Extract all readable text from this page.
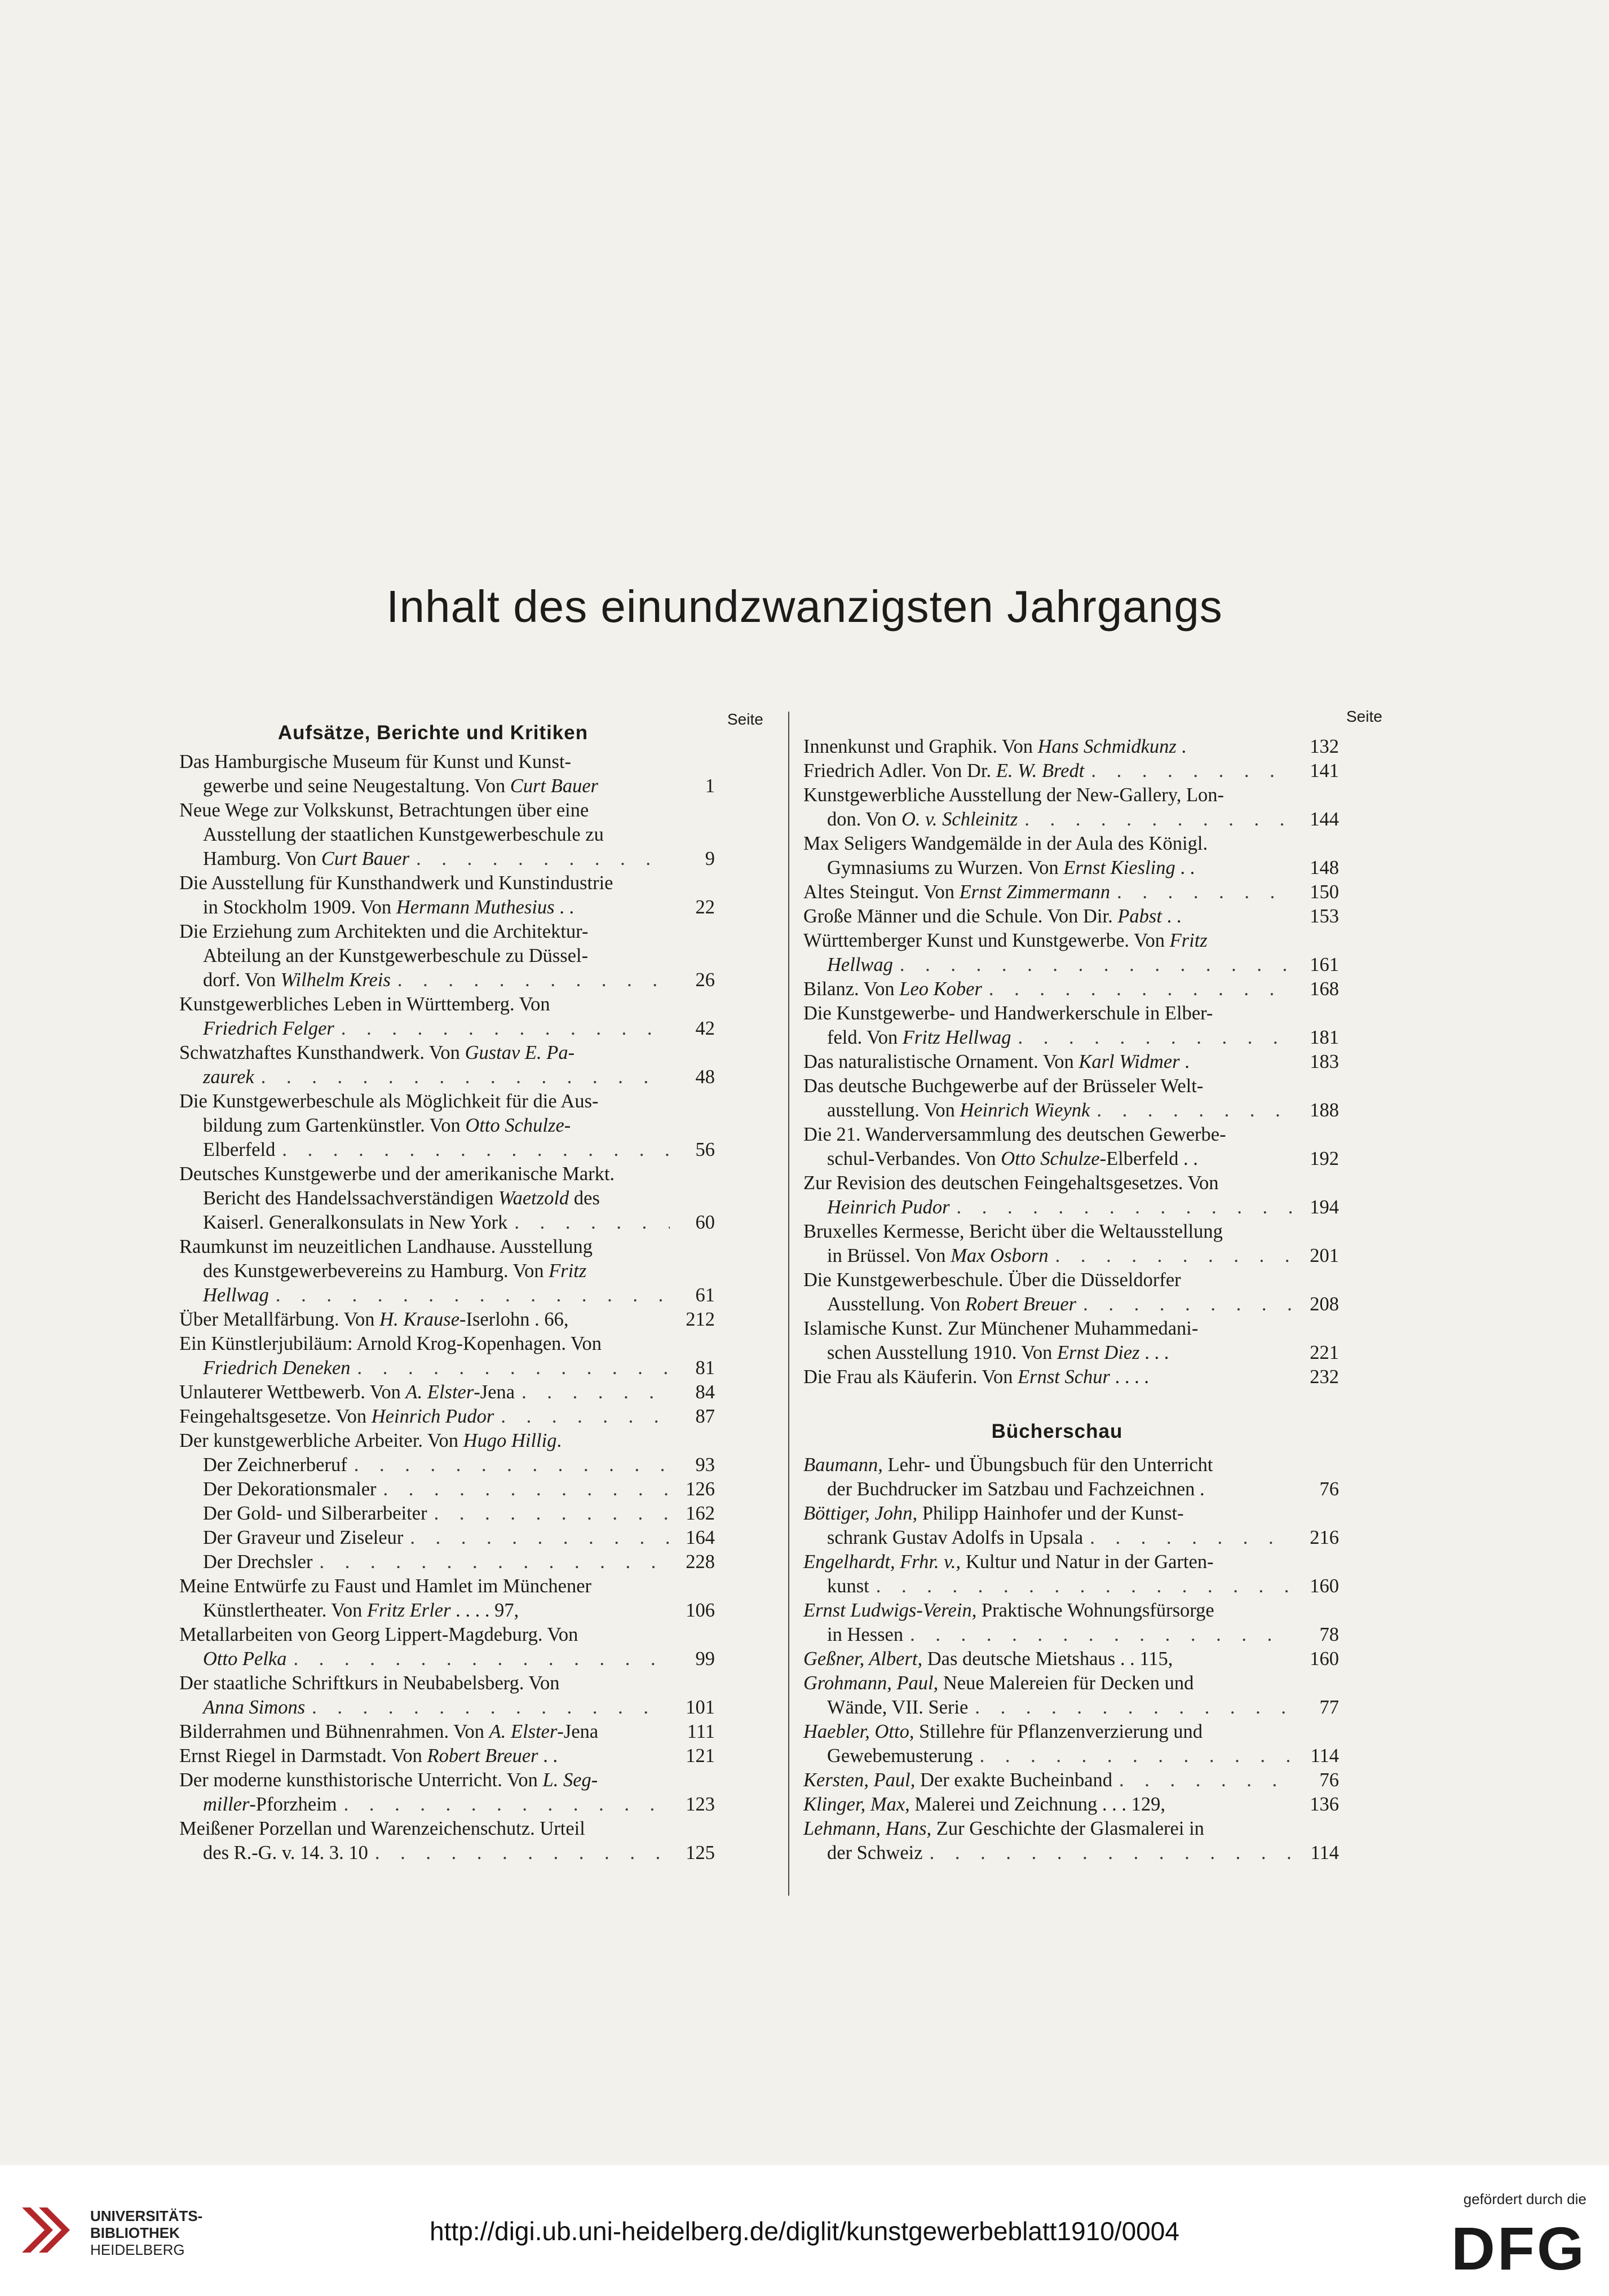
Inhalt des einundzwanzigsten Jahrgangs
Seite	Seite
Aufsätze, Berichte und Kritiken
Das Hamburgische Museum für Kunst und Kunst-
gewerbe und seine Neugestaltung. Von Curt Bauer	1
Neue Wege zur Volkskunst, Betrachtungen über eine
Ausstellung der staatlichen Kunstgewerbeschule zu
Hamburg. Von Curt Bauer . . .	9
Die Ausstellung für Kunsthandwerk und Kunstindustrie
in Stockholm 1909. Von Hermann Muthesius . .	22
Die Erziehung zum Architekten und die Architektur-
Abteilung an der Kunstgewerbeschule zu Düssel-
dorf. Von Wilhelm Kreis . . .	26
Kunstgewerbliches Leben in Württemberg. Von
Friedrich Felger . . .	42
Schwatzhaftes Kunsthandwerk. Von Gustav E. Pa-
zaurek . . .	48
Die Kunstgewerbeschule als Möglichkeit für die Aus-
bildung zum Gartenkünstler. Von Otto Schulze-
Elberfeld . . .	56
Deutsches Kunstgewerbe und der amerikanische Markt.
Bericht des Handelssachverständigen Waetzold des
Kaiserl. Generalkonsulats in New York . . .	60
Raumkunst im neuzeitlichen Landhause. Ausstellung
des Kunstgewerbevereins zu Hamburg. Von Fritz
Hellwag . . .	61
Über Metallfärbung. Von H. Krause-Iserlohn . 66,	212
Ein Künstlerjubiläum: Arnold Krog-Kopenhagen. Von
Friedrich Deneken . . .	81
Unlauterer Wettbewerb. Von A. Elster-Jena . . .	84
Feingehaltsgesetze. Von Heinrich Pudor . . .	87
Der kunstgewerbliche Arbeiter. Von Hugo Hillig.
Der Zeichnerberuf . . .	93
Der Dekorationsmaler . . .	126
Der Gold- und Silberarbeiter . . .	162
Der Graveur und Ziseleur . . .	164
Der Drechsler . . .	228
Meine Entwürfe zu Faust und Hamlet im Münchener
Künstlertheater. Von Fritz Erler . . . . 97,	106
Metallarbeiten von Georg Lippert-Magdeburg. Von
Otto Pelka . . .	99
Der staatliche Schriftkurs in Neubabelsberg. Von
Anna Simons . . .	101
Bilderrahmen und Bühnenrahmen. Von A. Elster-Jena	111
Ernst Riegel in Darmstadt. Von Robert Breuer . .	121
Der moderne kunsthistorische Unterricht. Von L. Seg-
miller-Pforzheim . . .	123
Meißener Porzellan und Warenzeichenschutz. Urteil
des R.-G. v. 14. 3. 10 . . .	125
Innenkunst und Graphik. Von Hans Schmidkunz .	132
Friedrich Adler. Von Dr. E. W. Bredt . . .	141
Kunstgewerbliche Ausstellung der New-Gallery, Lon-
don. Von O. v. Schleinitz . . .	144
Max Seligers Wandgemälde in der Aula des Königl.
Gymnasiums zu Wurzen. Von Ernst Kiesling . .	148
Altes Steingut. Von Ernst Zimmermann . . .	150
Große Männer und die Schule. Von Dir. Pabst . .	153
Württemberger Kunst und Kunstgewerbe. Von Fritz
Hellwag . . .	161
Bilanz. Von Leo Kober . . .	168
Die Kunstgewerbe- und Handwerkerschule in Elber-
feld. Von Fritz Hellwag . . .	181
Das naturalistische Ornament. Von Karl Widmer .	183
Das deutsche Buchgewerbe auf der Brüsseler Welt-
ausstellung. Von Heinrich Wieynk . . .	188
Die 21. Wanderversammlung des deutschen Gewerbe-
schul-Verbandes. Von Otto Schulze-Elberfeld . .	192
Zur Revision des deutschen Feingehaltsgesetzes. Von
Heinrich Pudor . . .	194
Bruxelles Kermesse, Bericht über die Weltausstellung
in Brüssel. Von Max Osborn . . .	201
Die Kunstgewerbeschule. Über die Düsseldorfer
Ausstellung. Von Robert Breuer . . .	208
Islamische Kunst. Zur Münchener Muhammedani-
schen Ausstellung 1910. Von Ernst Diez . . .	221
Die Frau als Käuferin. Von Ernst Schur . . . .	232
Bücherschau
Baumann, Lehr- und Übungsbuch für den Unterricht
der Buchdrucker im Satzbau und Fachzeichnen .	76
Böttiger, John, Philipp Hainhofer und der Kunst-
schrank Gustav Adolfs in Upsala . . .	216
Engelhardt, Frhr. v., Kultur und Natur in der Garten-
kunst . . .	160
Ernst Ludwigs-Verein, Praktische Wohnungsfürsorge
in Hessen . . .	78
Geßner, Albert, Das deutsche Mietshaus . . 115,	160
Grohmann, Paul, Neue Malereien für Decken und
Wände, VII. Serie . . .	77
Haebler, Otto, Stillehre für Pflanzenverzierung und
Gewebemusterung . . .	114
Kersten, Paul, Der exakte Bucheinband . . .	76
Klinger, Max, Malerei und Zeichnung . . . 129,	136
Lehmann, Hans, Zur Geschichte der Glasmalerei in
der Schweiz . . .	114
UNIVERSITÄTS-
BIBLIOTHEK
HEIDELBERG
http://digi.ub.uni-heidelberg.de/diglit/kunstgewerbeblatt1910/0004
gefördert durch die
DFG
